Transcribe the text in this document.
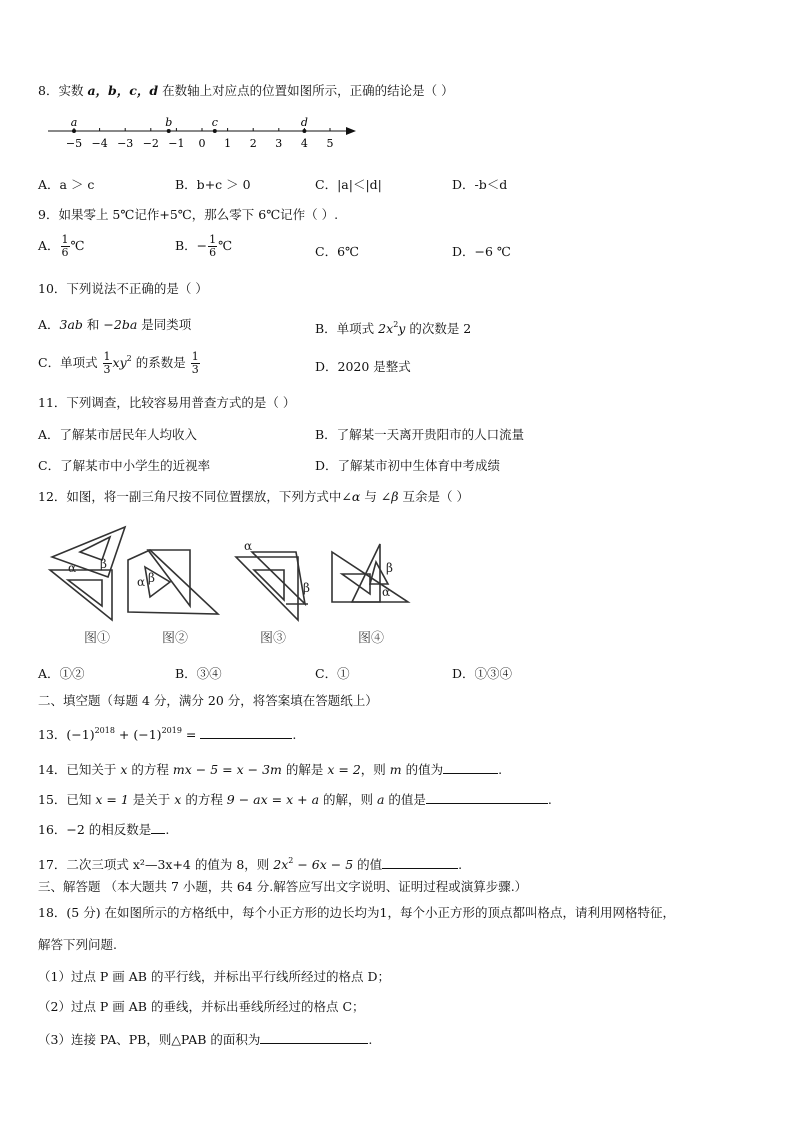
8．实数 a，b，c，d 在数轴上对应点的位置如图所示，正确的结论是（ ）
−5 −4 −3 −2 −1 0 1 2 3 4 5
a	b	c	d
A．a ＞ c	B．b+c ＞ 0	C．|a|＜|d|	D．-b＜d
9．如果零上 5℃记作+5℃，那么零下 6℃记作（ ）.
A． $\frac{1}{6}$ ℃	B．− $\frac{1}{6}$ ℃	C．6℃	D．−6 ℃
10．下列说法不正确的是（ ）
A．3ab 和 −2ba 是同类项	B．单项式 $2x^2y$ 的次数是 2
C．单项式 $\frac{1}{3} xy^2$ 的系数是 $\frac{1}{3}$	D．2020 是整式
11．下列调查，比较容易用普查方式的是（ ）
A．了解某市居民年人均收入	B．了解某一天离开贵阳市的人口流量
C．了解某市中小学生的近视率	D．了解某市初中生体育中考成绩
12．如图，将一副三角尺按不同位置摆放，下列方式中∠α 与 ∠β 互余是（ ）
α β
α β
α
β
β
α
图①	图②	图③	图④
A．①②	B．③④	C．①	D．①③④
二、填空题（每题 4 分，满分 20 分，将答案填在答题纸上）
13．$(-1)^{2018} + (-1)^{2019}$ =	.
14．已知关于 x 的方程 mx − 5 = x − 3m 的解是 x = 2，则 m 的值为	.
15．已知 x = 1 是关于 x 的方程 9 − ax = x + a 的解，则 a 的值是	.
16．−2 的相反数是 .
17．二次三项式 x²—3x+4 的值为 8，则 $2x^2 - 6x - 5$ 的值	.
三、解答题 （本大题共 7 小题，共 64 分.解答应写出文字说明、证明过程或演算步骤.）
18．(5 分) 在如图所示的方格纸中，每个小正方形的边长均为1，每个小正方形的顶点都叫格点，请利用网格特征，
解答下列问题.
（1）过点 P 画 AB 的平行线，并标出平行线所经过的格点 D；
（2）过点 P 画 AB 的垂线，并标出垂线所经过的格点 C；
（3）连接 PA、PB，则△PAB 的面积为	.
